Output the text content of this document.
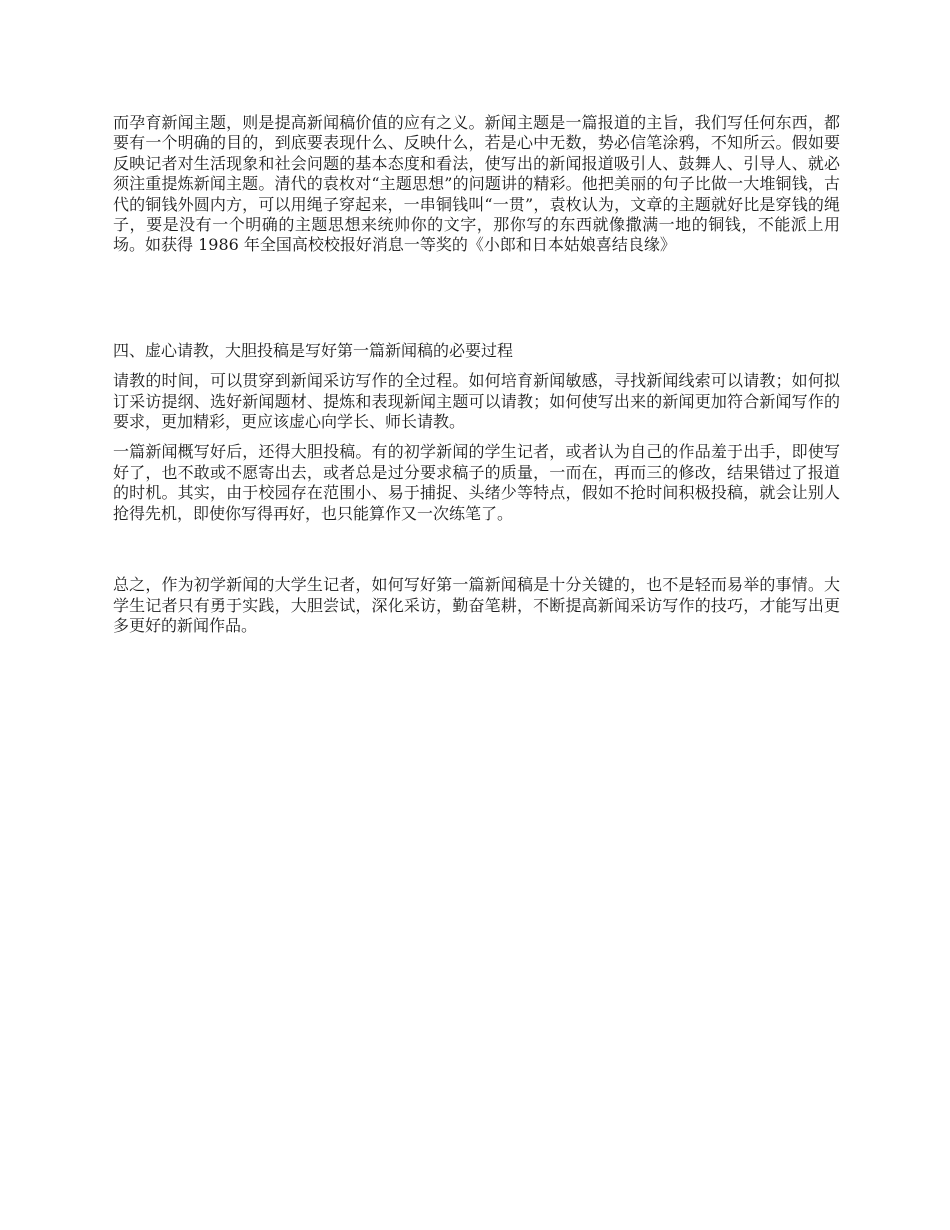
而孕育新闻主题，则是提高新闻稿价值的应有之义。新闻主题是一篇报道的主旨，我们写任何东西，都要有一个明确的目的，到底要表现什么、反映什么，若是心中无数，势必信笔涂鸦，不知所云。假如要反映记者对生活现象和社会问题的基本态度和看法，使写出的新闻报道吸引人、鼓舞人、引导人、就必须注重提炼新闻主题。清代的袁枚对“主题思想”的问题讲的精彩。他把美丽的句子比做一大堆铜钱，古代的铜钱外圆内方，可以用绳子穿起来，一串铜钱叫“一贯”，袁枚认为，文章的主题就好比是穿钱的绳子，要是没有一个明确的主题思想来统帅你的文字，那你写的东西就像撒满一地的铜钱，不能派上用场。如获得 1986 年全国高校校报好消息一等奖的《小郎和日本姑娘喜结良缘》

四、虚心请教，大胆投稿是写好第一篇新闻稿的必要过程

请教的时间，可以贯穿到新闻采访写作的全过程。如何培育新闻敏感，寻找新闻线索可以请教；如何拟订采访提纲、选好新闻题材、提炼和表现新闻主题可以请教；如何使写出来的新闻更加符合新闻写作的要求，更加精彩，更应该虚心向学长、师长请教。

一篇新闻概写好后，还得大胆投稿。有的初学新闻的学生记者，或者认为自己的作品羞于出手，即使写好了，也不敢或不愿寄出去，或者总是过分要求稿子的质量，一而在，再而三的修改，结果错过了报道的时机。其实，由于校园存在范围小、易于捕捉、头绪少等特点，假如不抢时间积极投稿，就会让别人抢得先机，即使你写得再好，也只能算作又一次练笔了。

总之，作为初学新闻的大学生记者，如何写好第一篇新闻稿是十分关键的，也不是轻而易举的事情。大学生记者只有勇于实践，大胆尝试，深化采访，勤奋笔耕，不断提高新闻采访写作的技巧，才能写出更多更好的新闻作品。
